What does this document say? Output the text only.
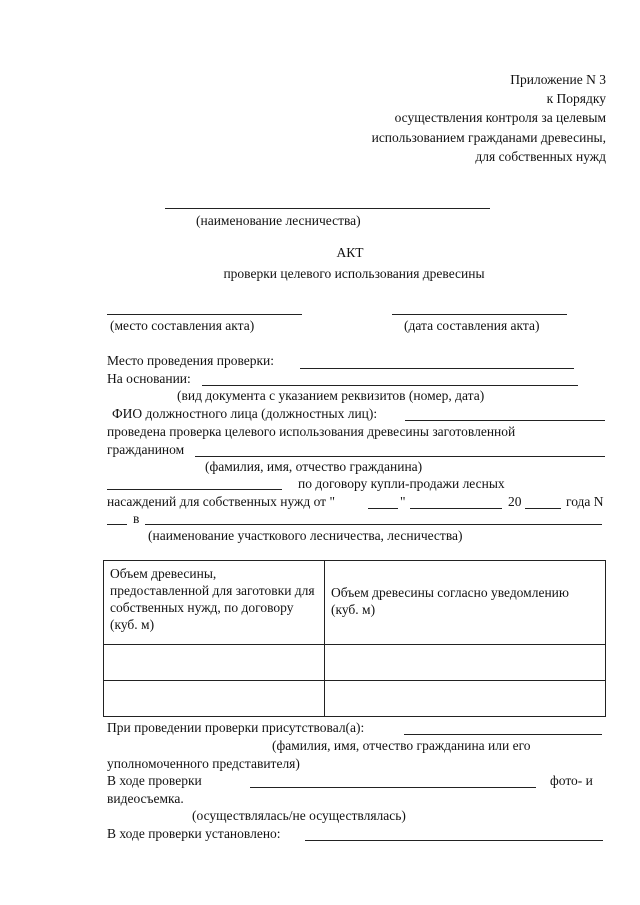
Приложение N 3
к Порядку
осуществления контроля за целевым
использованием гражданами древесины,
для собственных нужд
(наименование лесничества)
АКТ
проверки целевого использования древесины
(место составления акта)	(дата составления акта)
Место проведения проверки:
На основании:
(вид документа с указанием реквизитов (номер, дата)
ФИО должностного лица (должностных лиц):
проведена проверка целевого использования древесины заготовленной
гражданином
(фамилия, имя, отчество гражданина)
по договору купли-продажи лесных
насаждений для собственных нужд от "	"	20	года N
в
(наименование участкового лесничества, лесничества)
Объем древесины, предоставленной для заготовки для собственных нужд, по договору (куб. м)	Объем древесины согласно уведомлению (куб. м)

При проведении проверки присутствовал(а):
(фамилия, имя, отчество гражданина или его
уполномоченного представителя)
В ходе проверки	фото- и
видеосъемка.
(осуществлялась/не осуществлялась)
В ходе проверки установлено:
